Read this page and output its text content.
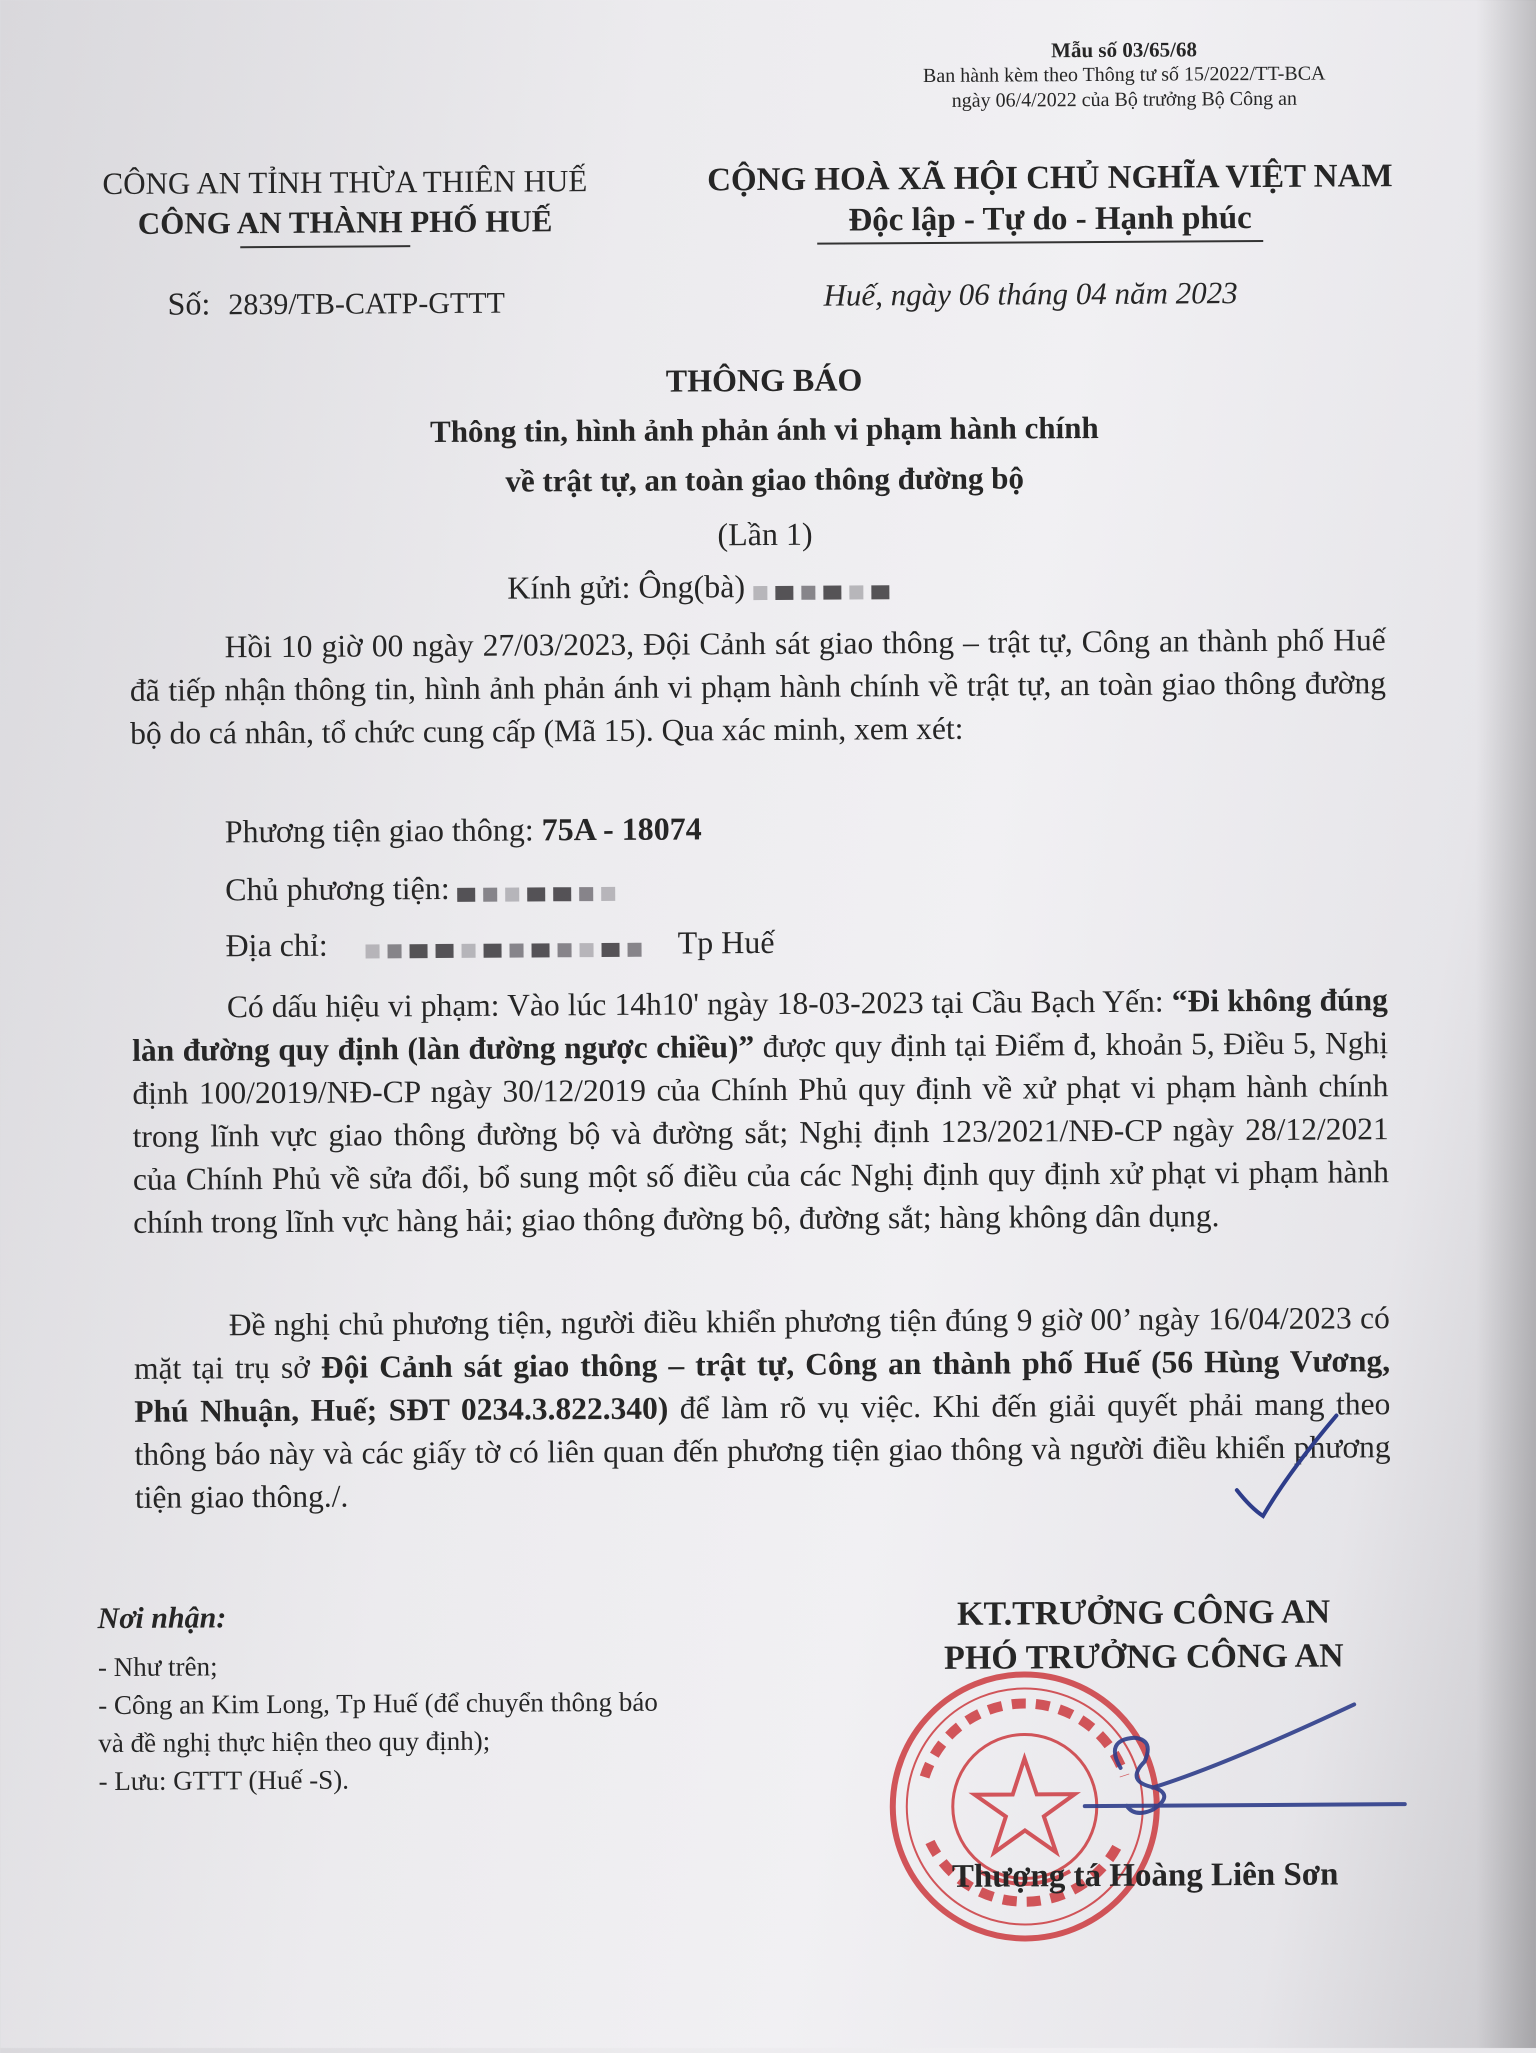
Mẫu số 03/65/68
Ban hành kèm theo Thông tư số 15/2022/TT-BCA
ngày 06/4/2022 của Bộ trưởng Bộ Công an
CÔNG AN TỈNH THỪA THIÊN HUẾ
CÔNG AN THÀNH PHỐ HUẾ
CỘNG HOÀ XÃ HỘI CHỦ NGHĨA VIỆT NAM
Độc lập - Tự do - Hạnh phúc
Số: 2839/TB-CATP-GTTT	Huế, ngày 06 tháng 04 năm 2023
THÔNG BÁO
Thông tin, hình ảnh phản ánh vi phạm hành chính
về trật tự, an toàn giao thông đường bộ
(Lần 1)
Kính gửi: Ông(bà)
Hồi 10 giờ 00 ngày 27/03/2023, Đội Cảnh sát giao thông – trật tự, Công an thành phố Huế đã tiếp nhận thông tin, hình ảnh phản ánh vi phạm hành chính về trật tự, an toàn giao thông đường bộ do cá nhân, tổ chức cung cấp (Mã 15). Qua xác minh, xem xét:
Phương tiện giao thông: 75A - 18074
Chủ phương tiện:
Địa chỉ:	Tp Huế
Có dấu hiệu vi phạm: Vào lúc 14h10' ngày 18-03-2023 tại Cầu Bạch Yến: “Đi không đúng làn đường quy định (làn đường ngược chiều)” được quy định tại Điểm đ, khoản 5, Điều 5, Nghị định 100/2019/NĐ-CP ngày 30/12/2019 của Chính Phủ quy định về xử phạt vi phạm hành chính trong lĩnh vực giao thông đường bộ và đường sắt; Nghị định 123/2021/NĐ-CP ngày 28/12/2021 của Chính Phủ về sửa đổi, bổ sung một số điều của các Nghị định quy định xử phạt vi phạm hành chính trong lĩnh vực hàng hải; giao thông đường bộ, đường sắt; hàng không dân dụng.
Đề nghị chủ phương tiện, người điều khiển phương tiện đúng 9 giờ 00’ ngày 16/04/2023 có mặt tại trụ sở Đội Cảnh sát giao thông – trật tự, Công an thành phố Huế (56 Hùng Vương, Phú Nhuận, Huế; SĐT 0234.3.822.340) để làm rõ vụ việc. Khi đến giải quyết phải mang theo thông báo này và các giấy tờ có liên quan đến phương tiện giao thông và người điều khiển phương tiện giao thông./.
Nơi nhận:
- Như trên;
- Công an Kim Long, Tp Huế (để chuyển thông báo
và đề nghị thực hiện theo quy định);
- Lưu: GTTT (Huế -S).
KT.TRƯỞNG CÔNG AN
PHÓ TRƯỞNG CÔNG AN
Thượng tá Hoàng Liên Sơn
